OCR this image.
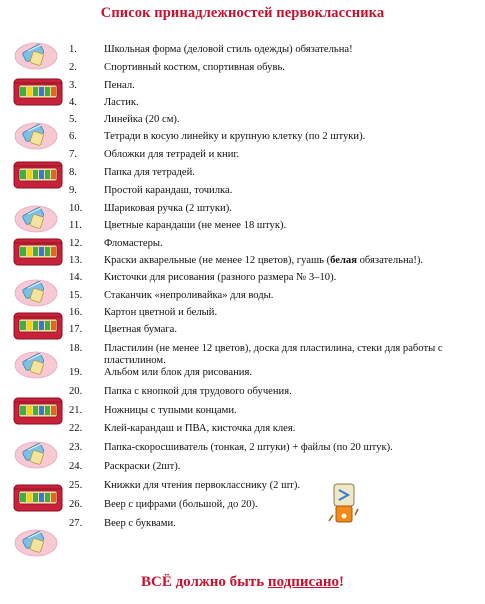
Список принадлежностей первоклассника
1.	Школьная форма (деловой стиль одежды) обязательна!
2.	Спортивный костюм, спортивная обувь.
3.	Пенал.
4.	Ластик.
5.	Линейка (20 см).
6.	Тетради в косую линейку и крупную клетку (по 2 штуки).
7.	Обложки для тетрадей и книг.
8.	Папка для тетрадей.
9.	Простой карандаш, точилка.
10.	Шариковая ручка (2 штуки).
11.	Цветные карандаши (не менее 18 штук).
12.	Фломастеры.
13.	Краски акварельные (не менее 12 цветов), гуашь (белая обязательна!).
14.	Кисточки для рисования (разного размера № 3–10).
15.	Стаканчик «непроливайка» для воды.
16.	Картон цветной и белый.
17.	Цветная бумага.
18.	Пластилин (не менее 12 цветов), доска для пластилина, стеки для работы с
пластилином.
19.	Альбом или блок для рисования.
20.	Папка с кнопкой для трудового обучения.
21.	Ножницы с тупыми концами.
22.	Клей-карандаш и ПВА, кисточка для клея.
23.	Папка-скоросшиватель (тонкая, 2 штуки) + файлы (по 20 штук).
24.	Раскраски (2шт).
25.	Книжки для чтения первокласснику (2 шт).
26.	Веер с цифрами (большой, до 20).
27.	Веер с буквами.
ВСЁ должно быть подписано!
